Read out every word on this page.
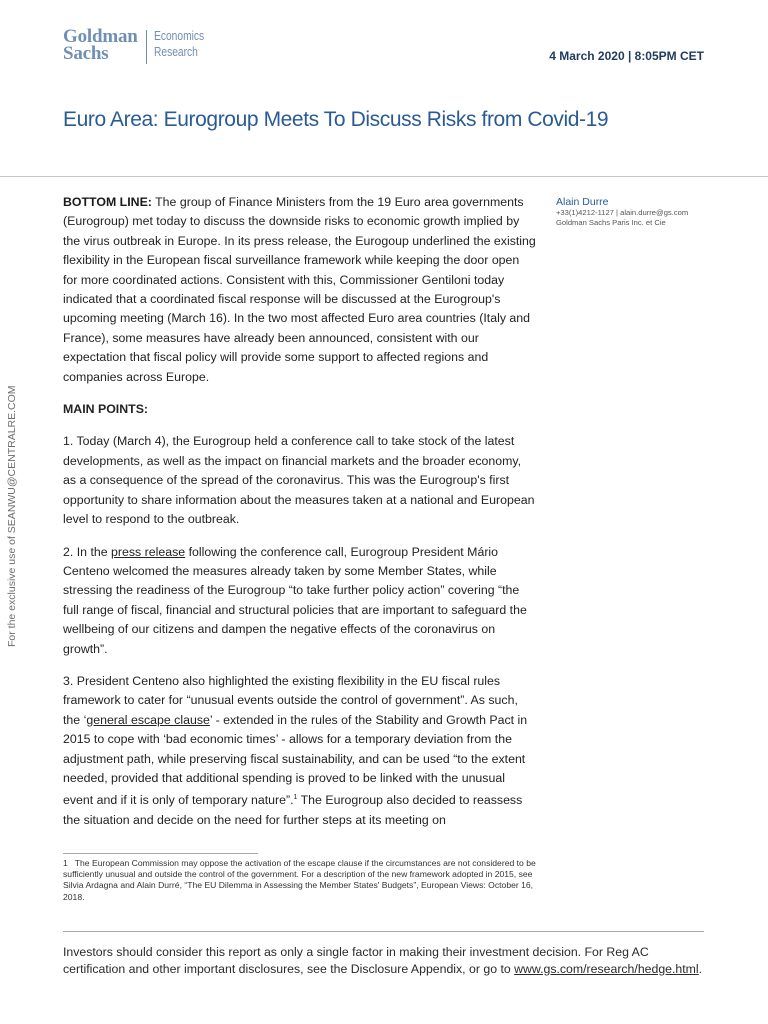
Goldman
Sachs
Economics
Research	4 March 2020 | 8:05PM CET
Euro Area: Eurogroup Meets To Discuss Risks from Covid-19
Alain Durre
+33(1)4212-1127 | alain.durre@gs.com
Goldman Sachs Paris Inc. et Cie
For the exclusive use of SEANWU@CENTRALRE.COM

BOTTOM LINE: The group of Finance Ministers from the 19 Euro area governments (Eurogroup) met today to discuss the downside risks to economic growth implied by the virus outbreak in Europe. In its press release, the Eurogoup underlined the existing flexibility in the European fiscal surveillance framework while keeping the door open for more coordinated actions. Consistent with this, Commissioner Gentiloni today indicated that a coordinated fiscal response will be discussed at the Eurogroup's upcoming meeting (March 16). In the two most affected Euro area countries (Italy and France), some measures have already been announced, consistent with our expectation that fiscal policy will provide some support to affected regions and companies across Europe.

MAIN POINTS:

1. Today (March 4), the Eurogroup held a conference call to take stock of the latest developments, as well as the impact on financial markets and the broader economy, as a consequence of the spread of the coronavirus. This was the Eurogroup's first opportunity to share information about the measures taken at a national and European level to respond to the outbreak.

2. In the press release following the conference call, Eurogroup President Mário Centeno welcomed the measures already taken by some Member States, while stressing the readiness of the Eurogroup “to take further policy action” covering “the full range of fiscal, financial and structural policies that are important to safeguard the wellbeing of our citizens and dampen the negative effects of the coronavirus on growth”.

3. President Centeno also highlighted the existing flexibility in the EU fiscal rules framework to cater for “unusual events outside the control of government”. As such, the ‘general escape clause’ - extended in the rules of the Stability and Growth Pact in 2015 to cope with ‘bad economic times’ - allows for a temporary deviation from the adjustment path, while preserving fiscal sustainability, and can be used “to the extent needed, provided that additional spending is proved to be linked with the unusual event and if it is only of temporary nature”.$^1$ The Eurogroup also decided to reassess the situation and decide on the need for further steps at its meeting on

1 The European Commission may oppose the activation of the escape clause if the circumstances are not considered to be sufficiently unusual and outside the control of the government. For a description of the new framework adopted in 2015, see Silvia Ardagna and Alain Durré, “The EU Dilemma in Assessing the Member States' Budgets”, European Views: October 16, 2018.
Investors should consider this report as only a single factor in making their investment decision. For Reg AC certification and other important disclosures, see the Disclosure Appendix, or go to www.gs.com/research/hedge.html.
